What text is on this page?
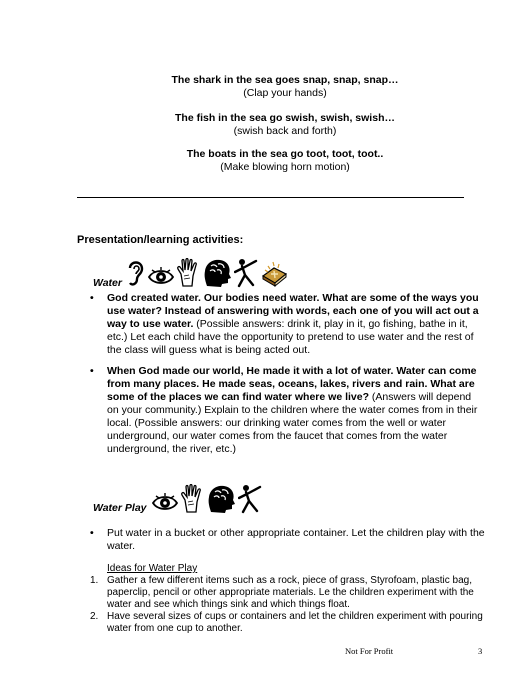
The shark in the sea goes snap, snap, snap…
(Clap your hands)
The fish in the sea go swish, swish, swish…
(swish back and forth)
The boats in the sea go toot, toot, toot..
(Make blowing horn motion)
Presentation/learning activities:
Water
• God created water. Our bodies need water. What are some of the ways you use water? Instead of answering with words, each one of you will act out a way to use water. (Possible answers: drink it, play in it, go fishing, bathe in it, etc.) Let each child have the opportunity to pretend to use water and the rest of the class will guess what is being acted out.
• When God made our world, He made it with a lot of water. Water can come from many places. He made seas, oceans, lakes, rivers and rain. What are some of the places we can find water where we live? (Answers will depend on your community.) Explain to the children where the water comes from in their local. (Possible answers: our drinking water comes from the well or water underground, our water comes from the faucet that comes from the water underground, the river, etc.)
Water Play
• Put water in a bucket or other appropriate container. Let the children play with the water.
Ideas for Water Play
1. Gather a few different items such as a rock, piece of grass, Styrofoam, plastic bag, paperclip, pencil or other appropriate materials. Le the children experiment with the water and see which things sink and which things float.
2. Have several sizes of cups or containers and let the children experiment with pouring water from one cup to another.
Not For Profit	3
